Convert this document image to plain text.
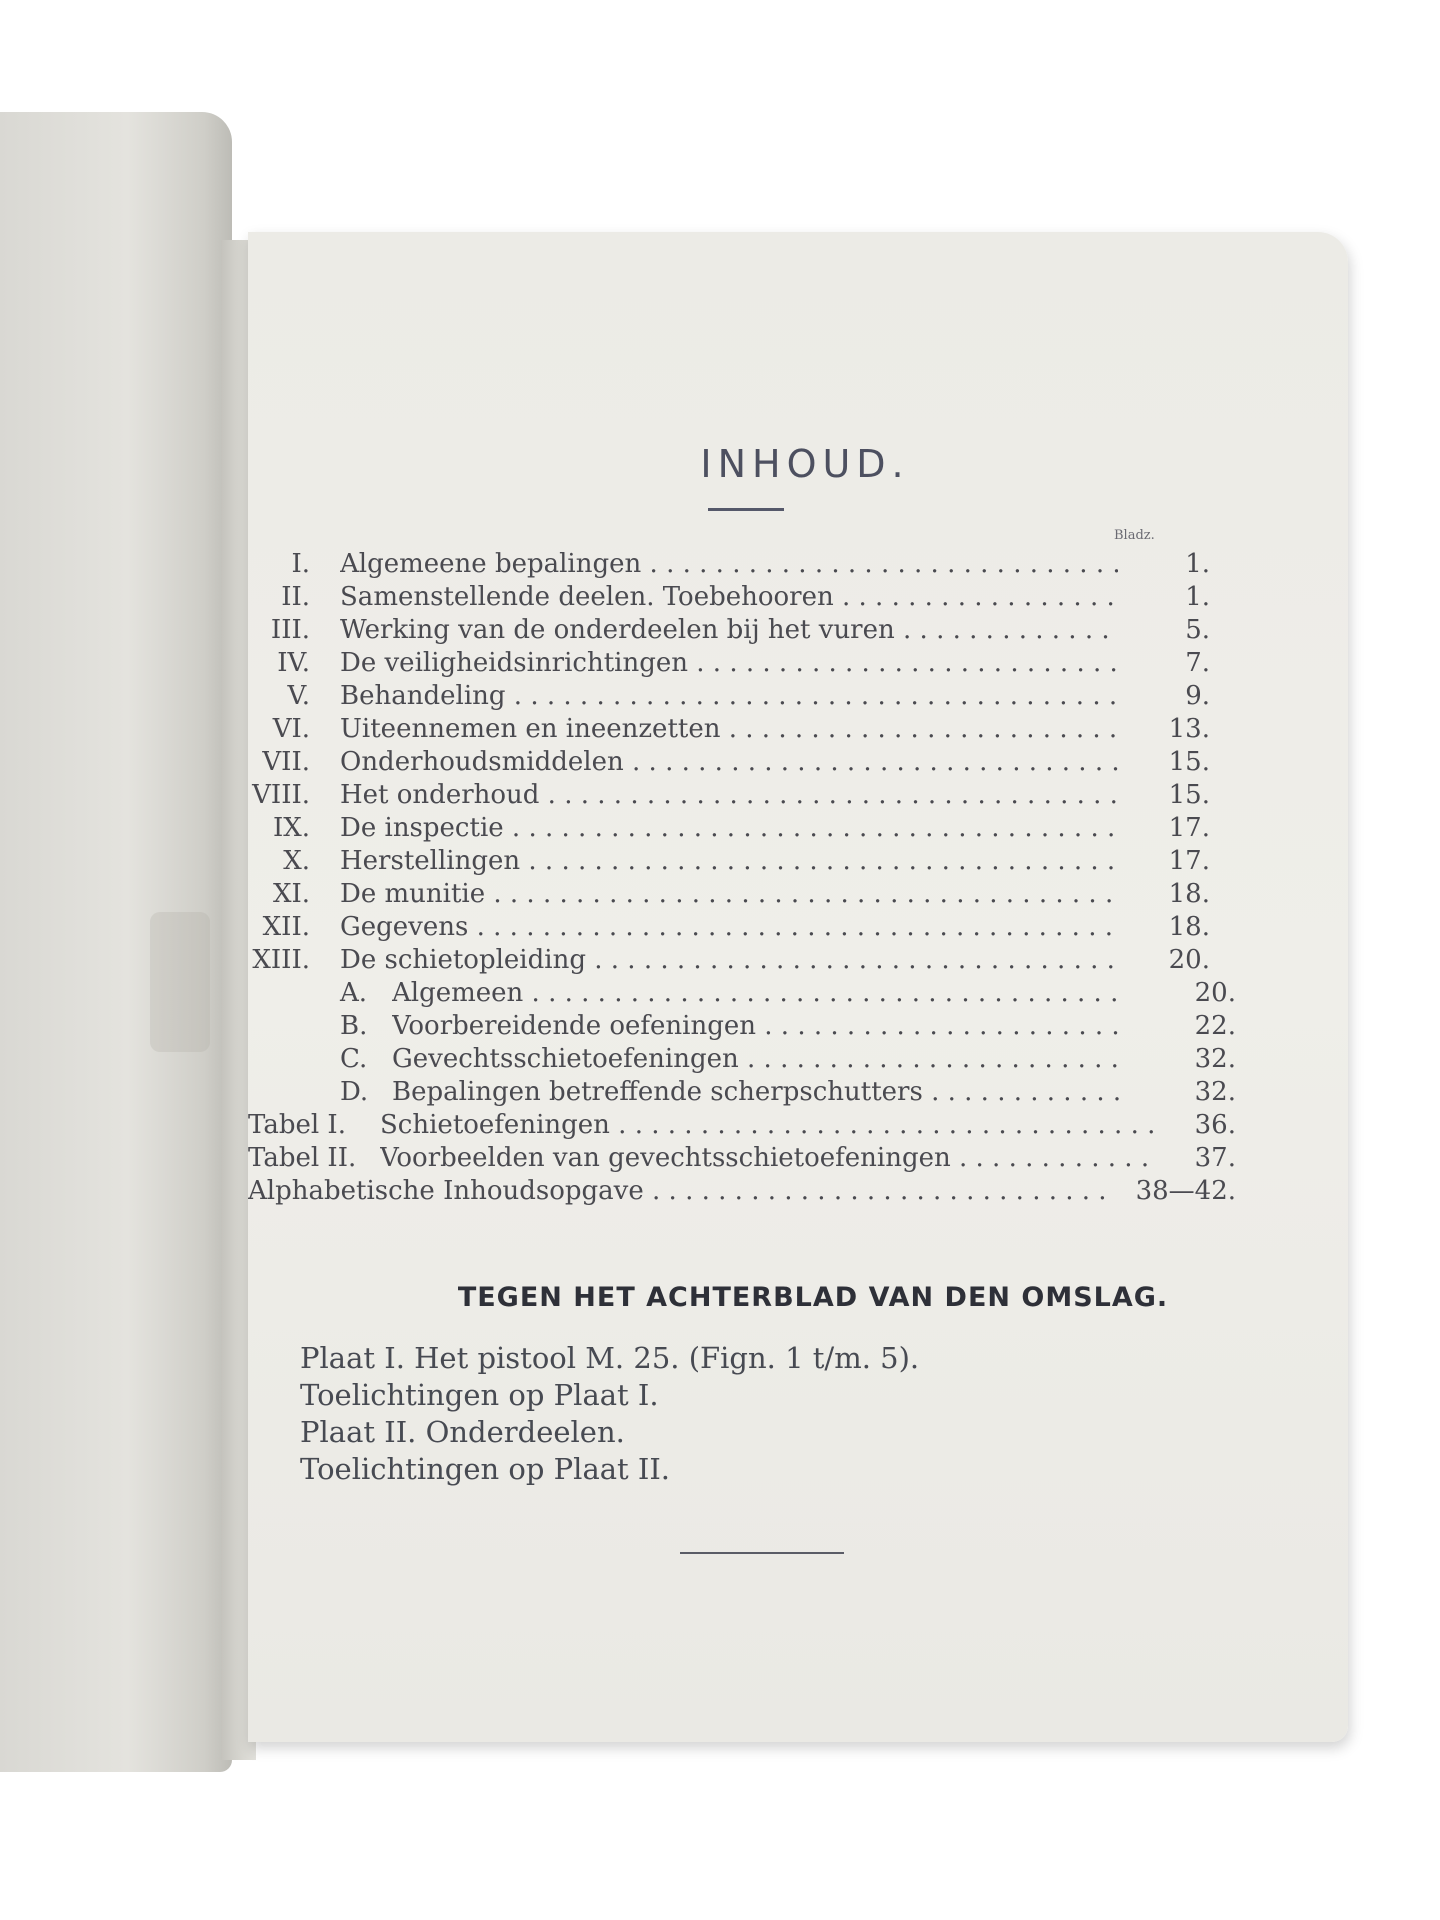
INHOUD.
Bladz.
I. Algemeene bepalingen . . .	1.
II. Samenstellende deelen. Toebehooren . . .	1.
III. Werking van de onderdeelen bij het vuren . . .	5.
IV. De veiligheidsinrichtingen . . .	7.
V. Behandeling . . .	9.
VI. Uiteennemen en ineenzetten . . .	13.
VII. Onderhoudsmiddelen . . .	15.
VIII. Het onderhoud . . .	15.
IX. De inspectie . . .	17.
X. Herstellingen . . .	17.
XI. De munitie . . .	18.
XII. Gegevens . . .	18.
XIII. De schietopleiding . . .	20.
A. Algemeen . . .	20.
B. Voorbereidende oefeningen . . .	22.
C. Gevechtsschietoefeningen . . .	32.
D. Bepalingen betreffende scherpschutters . . .	32.
Tabel I. Schietoefeningen . . .	36.
Tabel II. Voorbeelden van gevechtsschietoefeningen . . .	37.
Alphabetische Inhoudsopgave . . .	38—42.
TEGEN HET ACHTERBLAD VAN DEN OMSLAG.
Plaat I. Het pistool M. 25. (Fign. 1 t/m. 5).
Toelichtingen op Plaat I.
Plaat II. Onderdeelen.
Toelichtingen op Plaat II.
